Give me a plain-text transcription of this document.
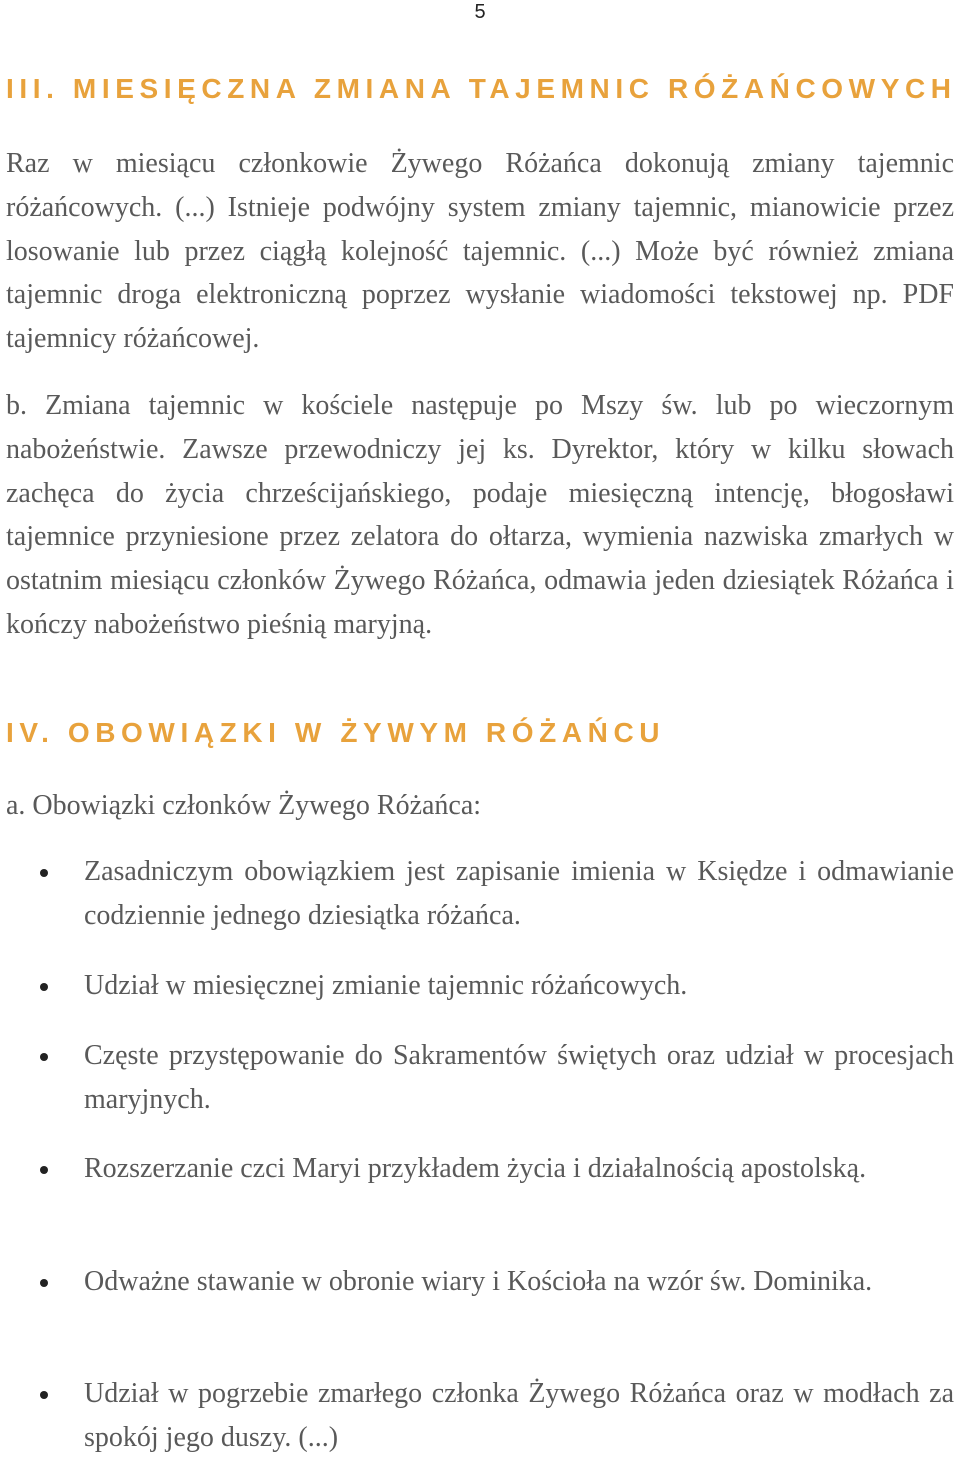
5
III. MIESIĘCZNA ZMIANA TAJEMNIC RÓŻAŃCOWYCH

Raz w miesiącu członkowie Żywego Różańca dokonują zmiany tajemnic różańcowych. (...) Istnieje podwójny system zmiany tajemnic, mianowicie przez losowanie lub przez ciągłą kolejność tajemnic. (...) Może być również zmiana tajemnic droga elektroniczną poprzez wysłanie wiadomości tekstowej np. PDF tajemnicy różańcowej.

b. Zmiana tajemnic w kościele następuje po Mszy św. lub po wieczornym nabożeństwie. Zawsze przewodniczy jej ks. Dyrektor, który w kilku słowach zachęca do życia chrześcijańskiego, podaje miesięczną intencję, błogosławi tajemnice przyniesione przez zelatora do ołtarza, wymienia nazwiska zmarłych w ostatnim miesiącu członków Żywego Różańca, odmawia jeden dziesiątek Różańca i kończy nabożeństwo pieśnią maryjną.

IV. OBOWIĄZKI W ŻYWYM RÓŻAŃCU

a. Obowiązki członków Żywego Różańca:

Zasadniczym obowiązkiem jest zapisanie imienia w Księdze i odmawianie codziennie jednego dziesiątka różańca.
Udział w miesięcznej zmianie tajemnic różańcowych.
Częste przystępowanie do Sakramentów świętych oraz udział w procesjach maryjnych.
Rozszerzanie czci Maryi przykładem życia i działalnością apostolską.
Odważne stawanie w obronie wiary i Kościoła na wzór św. Dominika.
Udział w pogrzebie zmarłego członka Żywego Różańca oraz w modłach za spokój jego duszy. (...)
